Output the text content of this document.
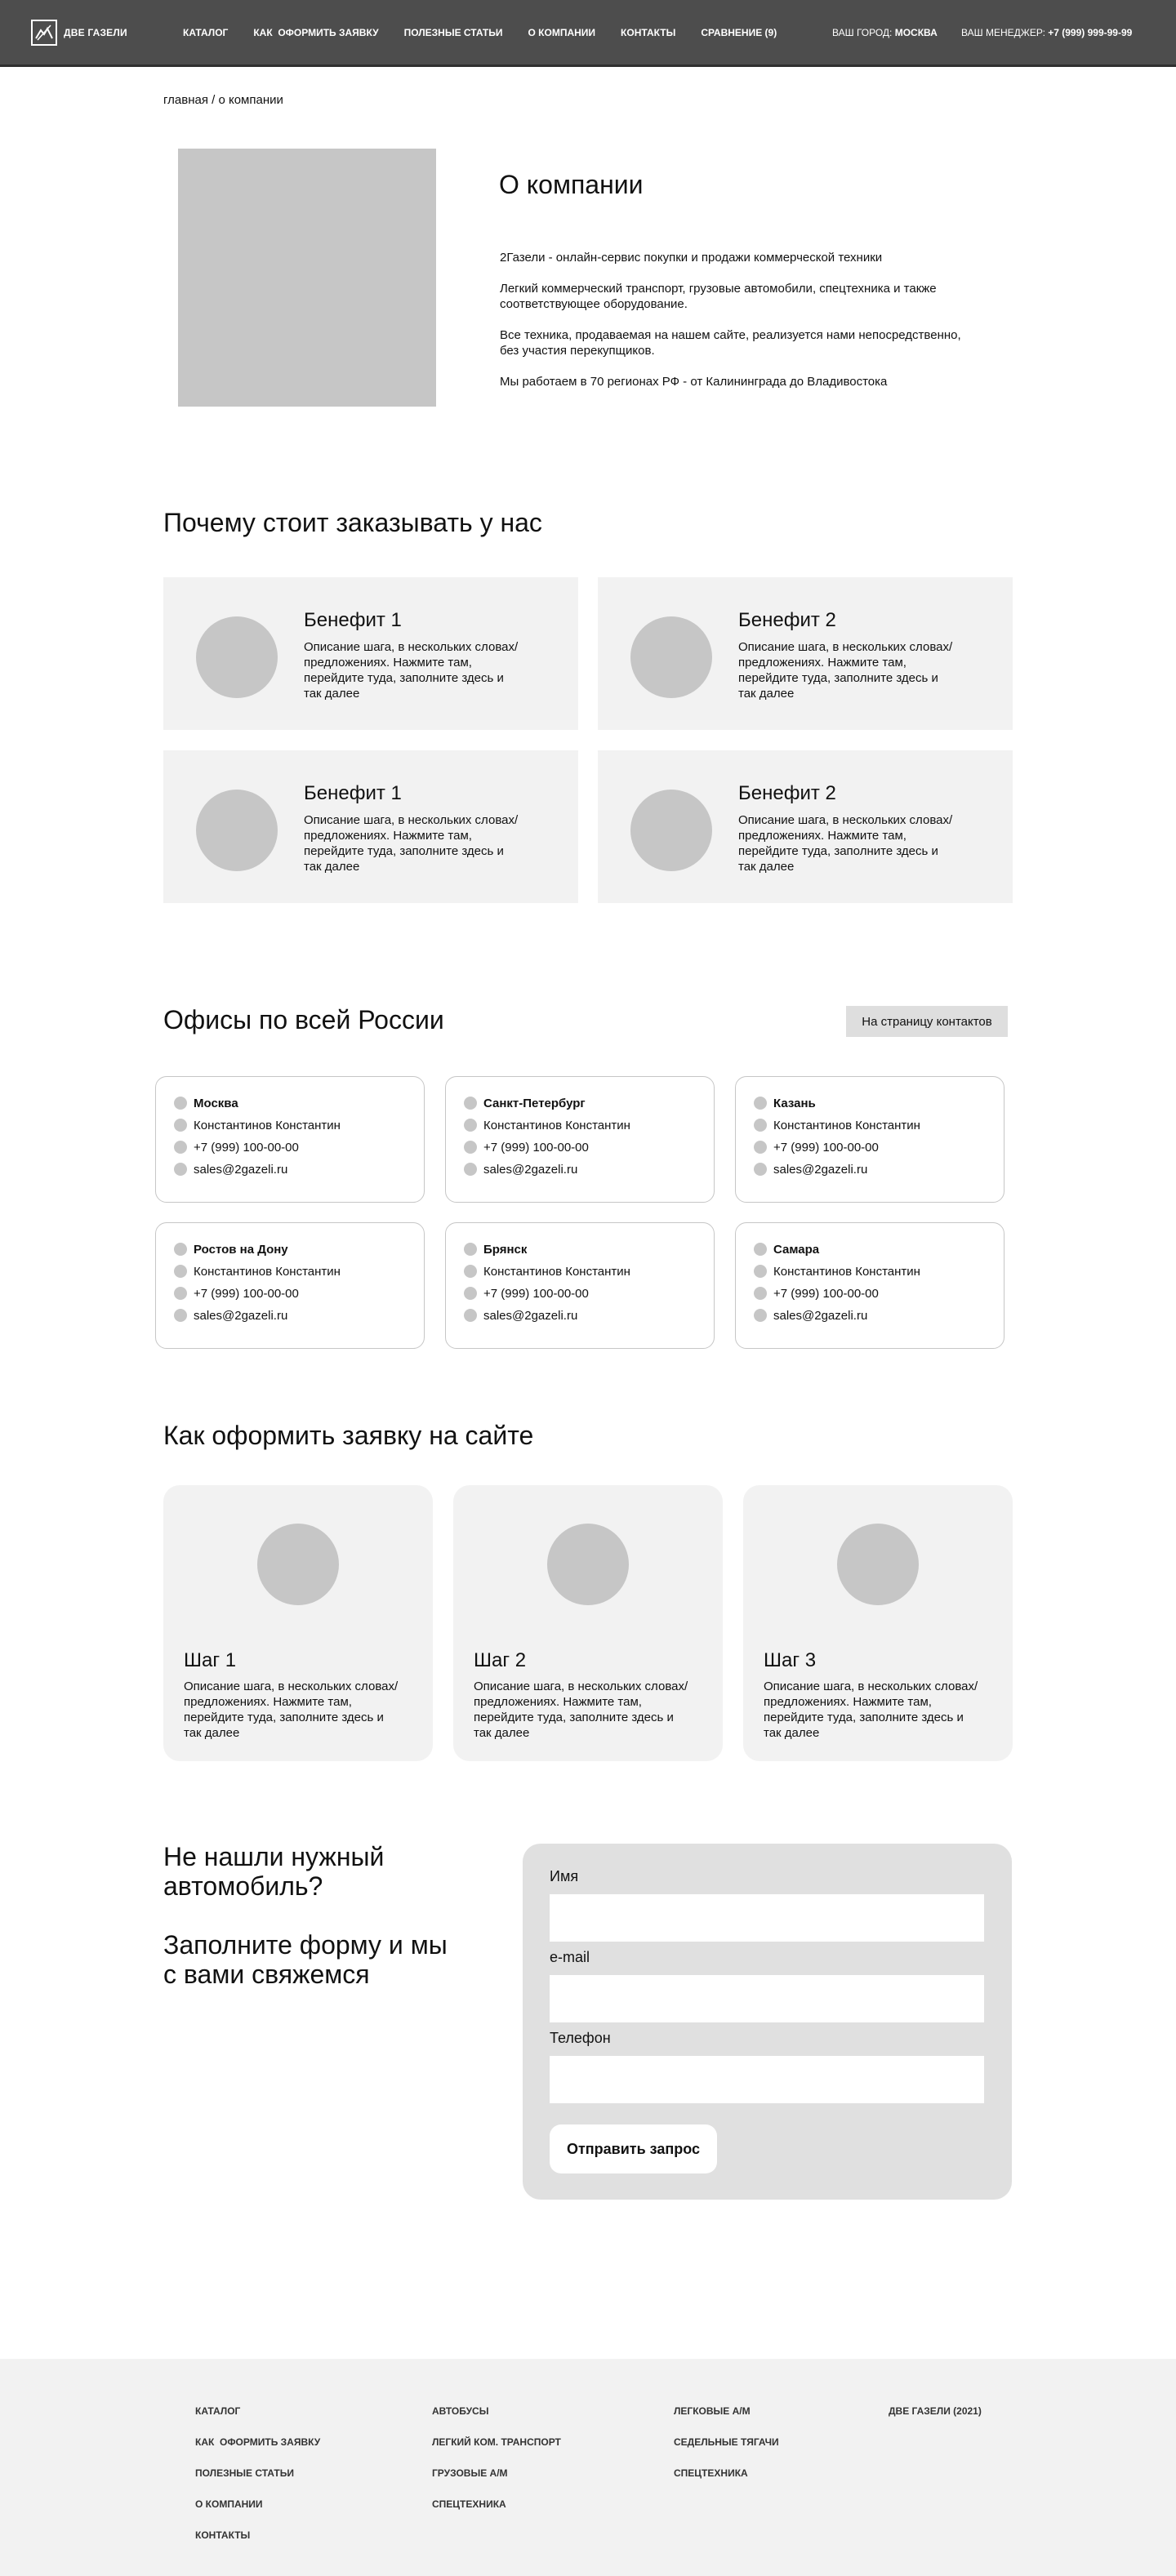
ДВЕ ГАЗЕЛИ	КАТАЛОГ	КАК  ОФОРМИТЬ ЗАЯВКУ	ПОЛЕЗНЫЕ СТАТЬИ	О КОМПАНИИ	КОНТАКТЫ	СРАВНЕНИЕ (9)	ВАШ ГОРОД: МОСКВА ВАШ МЕНЕДЖЕР: +7 (999) 999-99-99
главная / о компании
О компании

2Газели - онлайн-сервис покупки и продажи коммерческой техники

Легкий коммерческий транспорт, грузовые автомобили, спецтехника и также соответствующее оборудование.

Все техника, продаваемая на нашем сайте, реализуется нами непосредственно, без участия перекупщиков.

Мы работаем в 70 регионах РФ - от Калининграда до Владивостока

Почему стоит заказывать у нас
Бенефит 1
Описание шага, в нескольких словах/предложениях. Нажмите там, перейдите туда, заполните здесь и так далее
Бенефит 2
Описание шага, в нескольких словах/предложениях. Нажмите там, перейдите туда, заполните здесь и так далее
Бенефит 1
Описание шага, в нескольких словах/предложениях. Нажмите там, перейдите туда, заполните здесь и так далее
Бенефит 2
Описание шага, в нескольких словах/предложениях. Нажмите там, перейдите туда, заполните здесь и так далее
Офисы по всей России	На страницу контактов
Москва
Константинов Константин
+7 (999) 100-00-00
sales@2gazeli.ru
Санкт-Петербург
Константинов Константин
+7 (999) 100-00-00
sales@2gazeli.ru
Казань
Константинов Константин
+7 (999) 100-00-00
sales@2gazeli.ru
Ростов на Дону
Константинов Константин
+7 (999) 100-00-00
sales@2gazeli.ru
Брянск
Константинов Константин
+7 (999) 100-00-00
sales@2gazeli.ru
Самара
Константинов Константин
+7 (999) 100-00-00
sales@2gazeli.ru
Как оформить заявку на сайте
Шаг 1
Описание шага, в нескольких словах/предложениях. Нажмите там, перейдите туда, заполните здесь и так далее
Шаг 2
Описание шага, в нескольких словах/предложениях. Нажмите там, перейдите туда, заполните здесь и так далее
Шаг 3
Описание шага, в нескольких словах/предложениях. Нажмите там, перейдите туда, заполните здесь и так далее
Не нашли нужный автомобиль?
Заполните форму и мы с вами свяжемся
Имя
e-mail
Телефон
Отправить запрос
КАТАЛОГ
КАК  ОФОРМИТЬ ЗАЯВКУ
ПОЛЕЗНЫЕ СТАТЬИ
О КОМПАНИИ
КОНТАКТЫ
АВТОБУСЫ
ЛЕГКИЙ КОМ. ТРАНСПОРТ
ГРУЗОВЫЕ А/М
СПЕЦТЕХНИКА
ЛЕГКОВЫЕ А/М
СЕДЕЛЬНЫЕ ТЯГАЧИ
СПЕЦТЕХНИКА
ДВЕ ГАЗЕЛИ (2021)
